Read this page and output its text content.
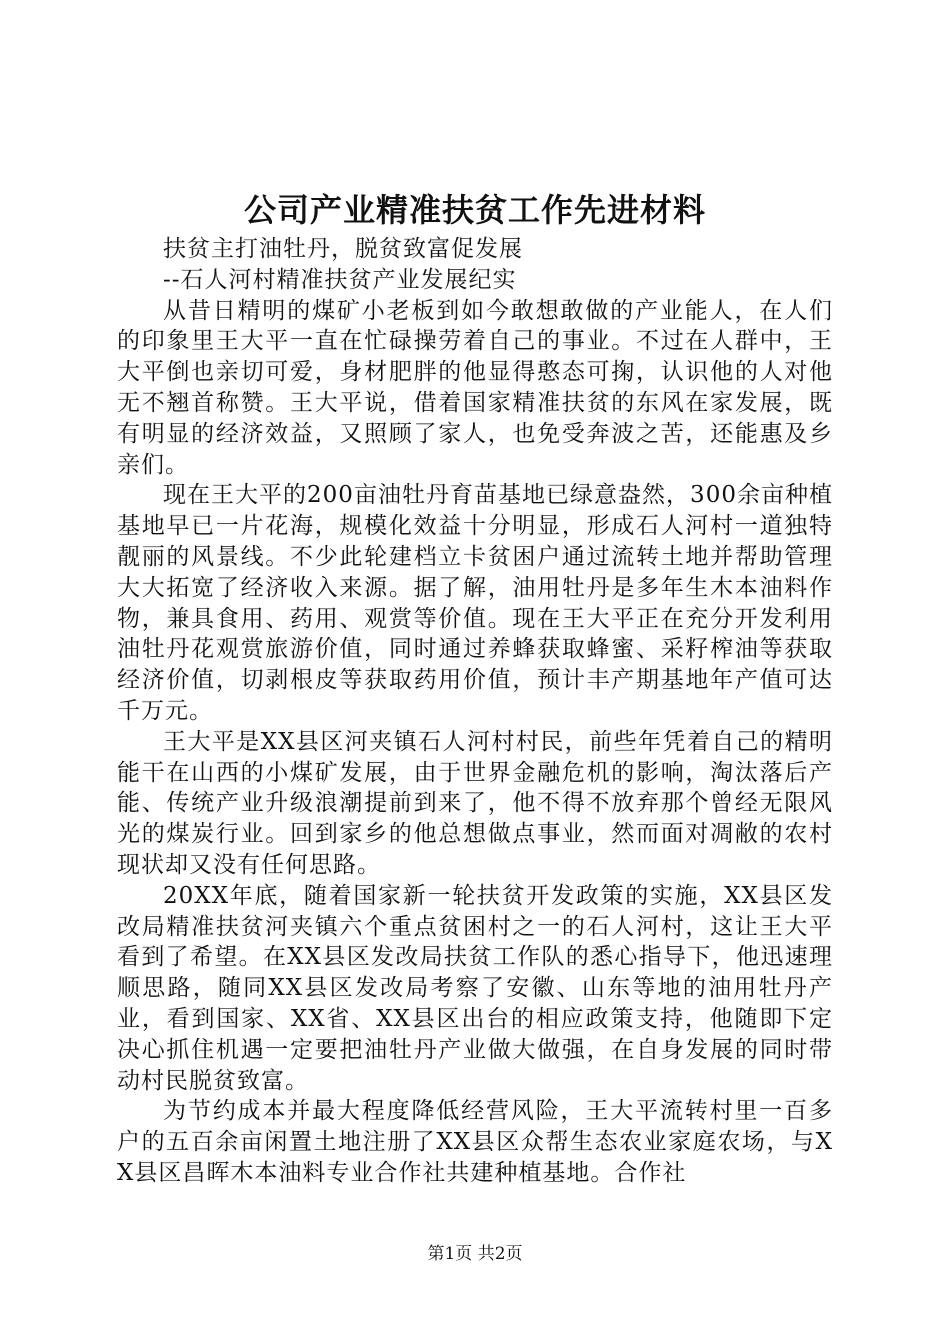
公司产业精准扶贫工作先进材料

扶贫主打油牡丹，脱贫致富促发展

--石人河村精准扶贫产业发展纪实

从昔日精明的煤矿小老板到如今敢想敢做的产业能人，在人们的印象里王大平一直在忙碌操劳着自己的事业。不过在人群中，王大平倒也亲切可爱，身材肥胖的他显得憨态可掬，认识他的人对他无不翘首称赞。王大平说，借着国家精准扶贫的东风在家发展，既有明显的经济效益，又照顾了家人，也免受奔波之苦，还能惠及乡亲们。

现在王大平的200亩油牡丹育苗基地已绿意盎然，300余亩种植基地早已一片花海，规模化效益十分明显，形成石人河村一道独特靓丽的风景线。不少此轮建档立卡贫困户通过流转土地并帮助管理大大拓宽了经济收入来源。据了解，油用牡丹是多年生木本油料作物，兼具食用、药用、观赏等价值。现在王大平正在充分开发利用油牡丹花观赏旅游价值，同时通过养蜂获取蜂蜜、采籽榨油等获取经济价值，切剥根皮等获取药用价值，预计丰产期基地年产值可达千万元。

王大平是XX县区河夹镇石人河村村民，前些年凭着自己的精明能干在山西的小煤矿发展，由于世界金融危机的影响，淘汰落后产能、传统产业升级浪潮提前到来了，他不得不放弃那个曾经无限风光的煤炭行业。回到家乡的他总想做点事业，然而面对凋敝的农村现状却又没有任何思路。

20XX年底，随着国家新一轮扶贫开发政策的实施，XX县区发改局精准扶贫河夹镇六个重点贫困村之一的石人河村，这让王大平看到了希望。在XX县区发改局扶贫工作队的悉心指导下，他迅速理顺思路，随同XX县区发改局考察了安徽、山东等地的油用牡丹产业，看到国家、XX省、XX县区出台的相应政策支持，他随即下定决心抓住机遇一定要把油牡丹产业做大做强，在自身发展的同时带动村民脱贫致富。

为节约成本并最大程度降低经营风险，王大平流转村里一百多户的五百余亩闲置土地注册了XX县区众帮生态农业家庭农场，与XX县区昌晖木本油料专业合作社共建种植基地。合作社

第1页 共2页
